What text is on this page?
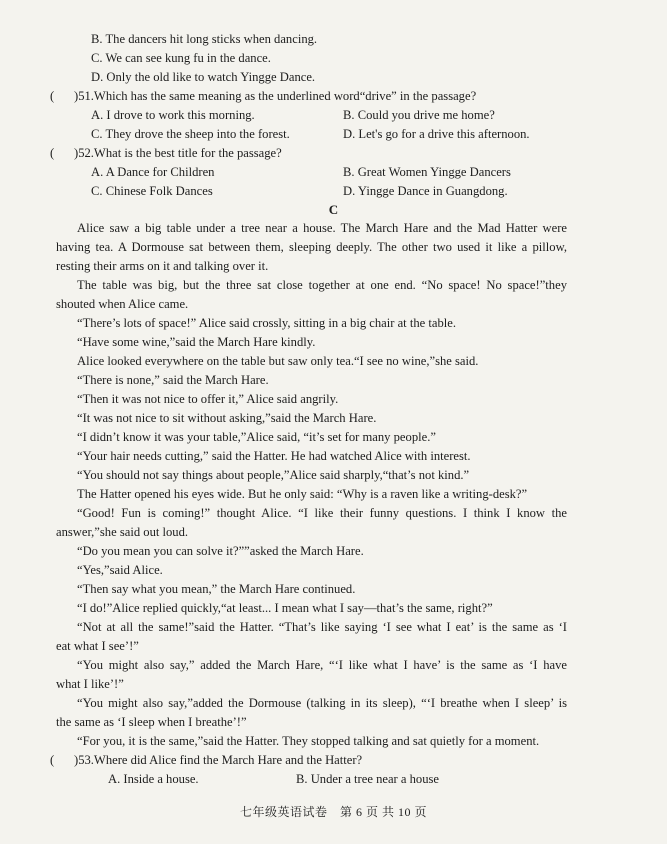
B. The dancers hit long sticks when dancing.
C. We can see kung fu in the dance.
D. Only the old like to watch Yingge Dance.
( )51.Which has the same meaning as the underlined word“drive” in the passage?
A. I drove to work this morning.	B. Could you drive me home?
C. They drove the sheep into the forest.	D. Let's go for a drive this afternoon.
( )52.What is the best title for the passage?
A. A Dance for Children	B. Great Women Yingge Dancers
C. Chinese Folk Dances	D. Yingge Dance in Guangdong.
C
Alice saw a big table under a tree near a house. The March Hare and the Mad Hatter were
having tea. A Dormouse sat between them, sleeping deeply. The other two used it like a pillow,
resting their arms on it and talking over it.
The table was big, but the three sat close together at one end. “No space! No space!”they
shouted when Alice came.
“There’s lots of space!” Alice said crossly, sitting in a big chair at the table.
“Have some wine,”said the March Hare kindly.
Alice looked everywhere on the table but saw only tea.“I see no wine,”she said.
“There is none,” said the March Hare.
“Then it was not nice to offer it,” Alice said angrily.
“It was not nice to sit without asking,”said the March Hare.
“I didn’t know it was your table,”Alice said, “it’s set for many people.”
“Your hair needs cutting,” said the Hatter. He had watched Alice with interest.
“You should not say things about people,”Alice said sharply,“that’s not kind.”
The Hatter opened his eyes wide. But he only said: “Why is a raven like a writing-desk?”
“Good! Fun is coming!” thought Alice. “I like their funny questions. I think I know the
answer,”she said out loud.
“Do you mean you can solve it?””asked the March Hare.
“Yes,”said Alice.
“Then say what you mean,” the March Hare continued.
“I do!”Alice replied quickly,“at least... I mean what I say—that’s the same, right?”
“Not at all the same!”said the Hatter. “That’s like saying ‘I see what I eat’ is the same as ‘I
eat what I see’!”
“You might also say,” added the March Hare, “‘I like what I have’ is the same as ‘I have
what I like’!”
“You might also say,”added the Dormouse (talking in its sleep), “‘I breathe when I sleep’ is
the same as ‘I sleep when I breathe’!”
“For you, it is the same,”said the Hatter. They stopped talking and sat quietly for a moment.
( )53.Where did Alice find the March Hare and the Hatter?
A. Inside a house.	B. Under a tree near a house
七年级英语试卷　第 6 页 共 10 页
